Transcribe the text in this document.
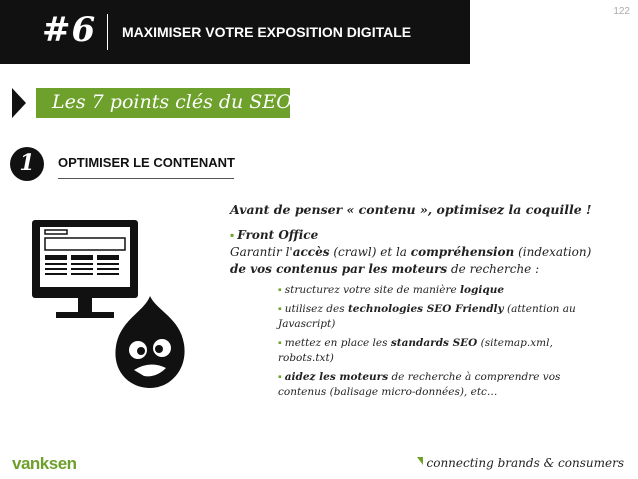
#6 MAXIMISER VOTRE EXPOSITION DIGITALE
122
Les 7 points clés du SEO
1	OPTIMISER LE CONTENANT
Avant de penser « contenu », optimisez la coquille !
▪ Front Office
Garantir l'accès (crawl) et la compréhension (indexation) de vos contenus par les moteurs de recherche :
▪ structurez votre site de manière logique
▪ utilisez des technologies SEO Friendly (attention au Javascript)
▪ mettez en place les standards SEO (sitemap.xml, robots.txt)
▪ aidez les moteurs de recherche à comprendre vos contenus (balisage micro-données), etc…
vanksen	connecting brands & consumers
